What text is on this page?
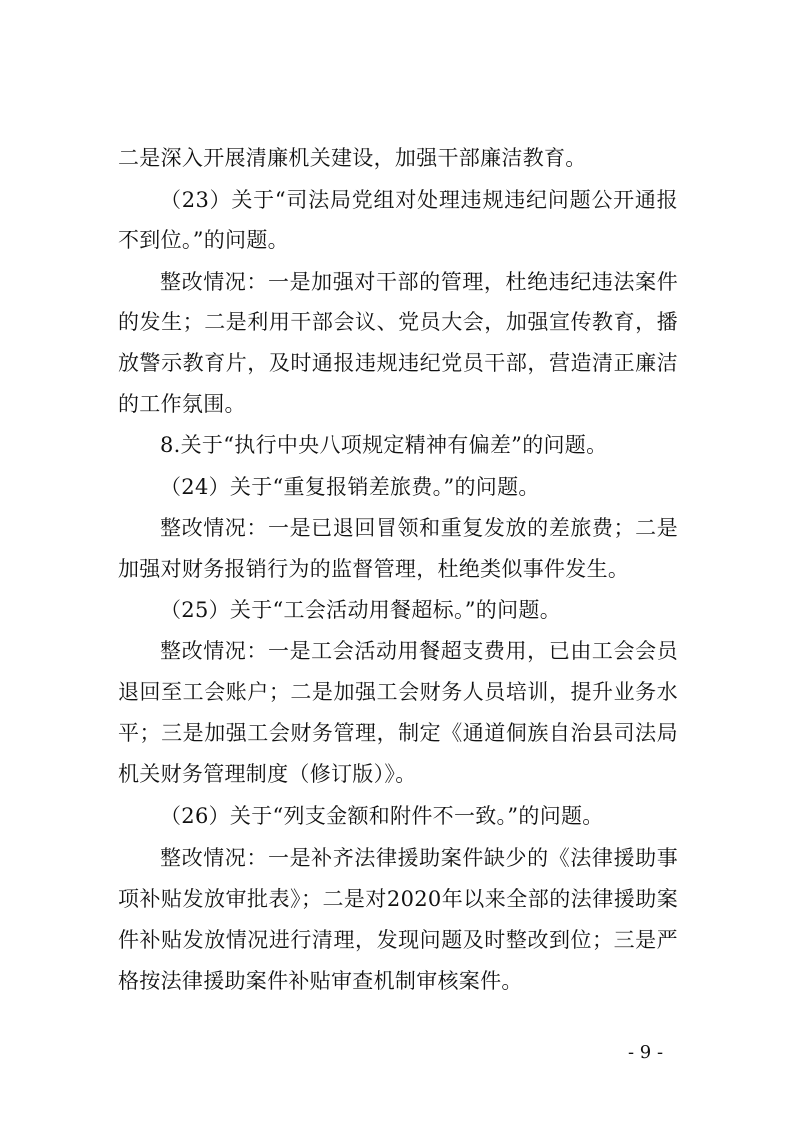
二是深入开展清廉机关建设，加强干部廉洁教育。
（23）关于“司法局党组对处理违规违纪问题公开通报
不到位。”的问题。
整改情况：一是加强对干部的管理，杜绝违纪违法案件
的发生；二是利用干部会议、党员大会，加强宣传教育，播
放警示教育片，及时通报违规违纪党员干部，营造清正廉洁
的工作氛围。
8.关于“执行中央八项规定精神有偏差”的问题。
（24）关于“重复报销差旅费。”的问题。
整改情况：一是已退回冒领和重复发放的差旅费；二是
加强对财务报销行为的监督管理，杜绝类似事件发生。
（25）关于“工会活动用餐超标。”的问题。
整改情况：一是工会活动用餐超支费用，已由工会会员
退回至工会账户；二是加强工会财务人员培训，提升业务水
平；三是加强工会财务管理，制定《通道侗族自治县司法局
机关财务管理制度（修订版）》。
（26）关于“列支金额和附件不一致。”的问题。
整改情况：一是补齐法律援助案件缺少的《法律援助事
项补贴发放审批表》；二是对2020年以来全部的法律援助案
件补贴发放情况进行清理，发现问题及时整改到位；三是严
格按法律援助案件补贴审查机制审核案件。
- 9 -
